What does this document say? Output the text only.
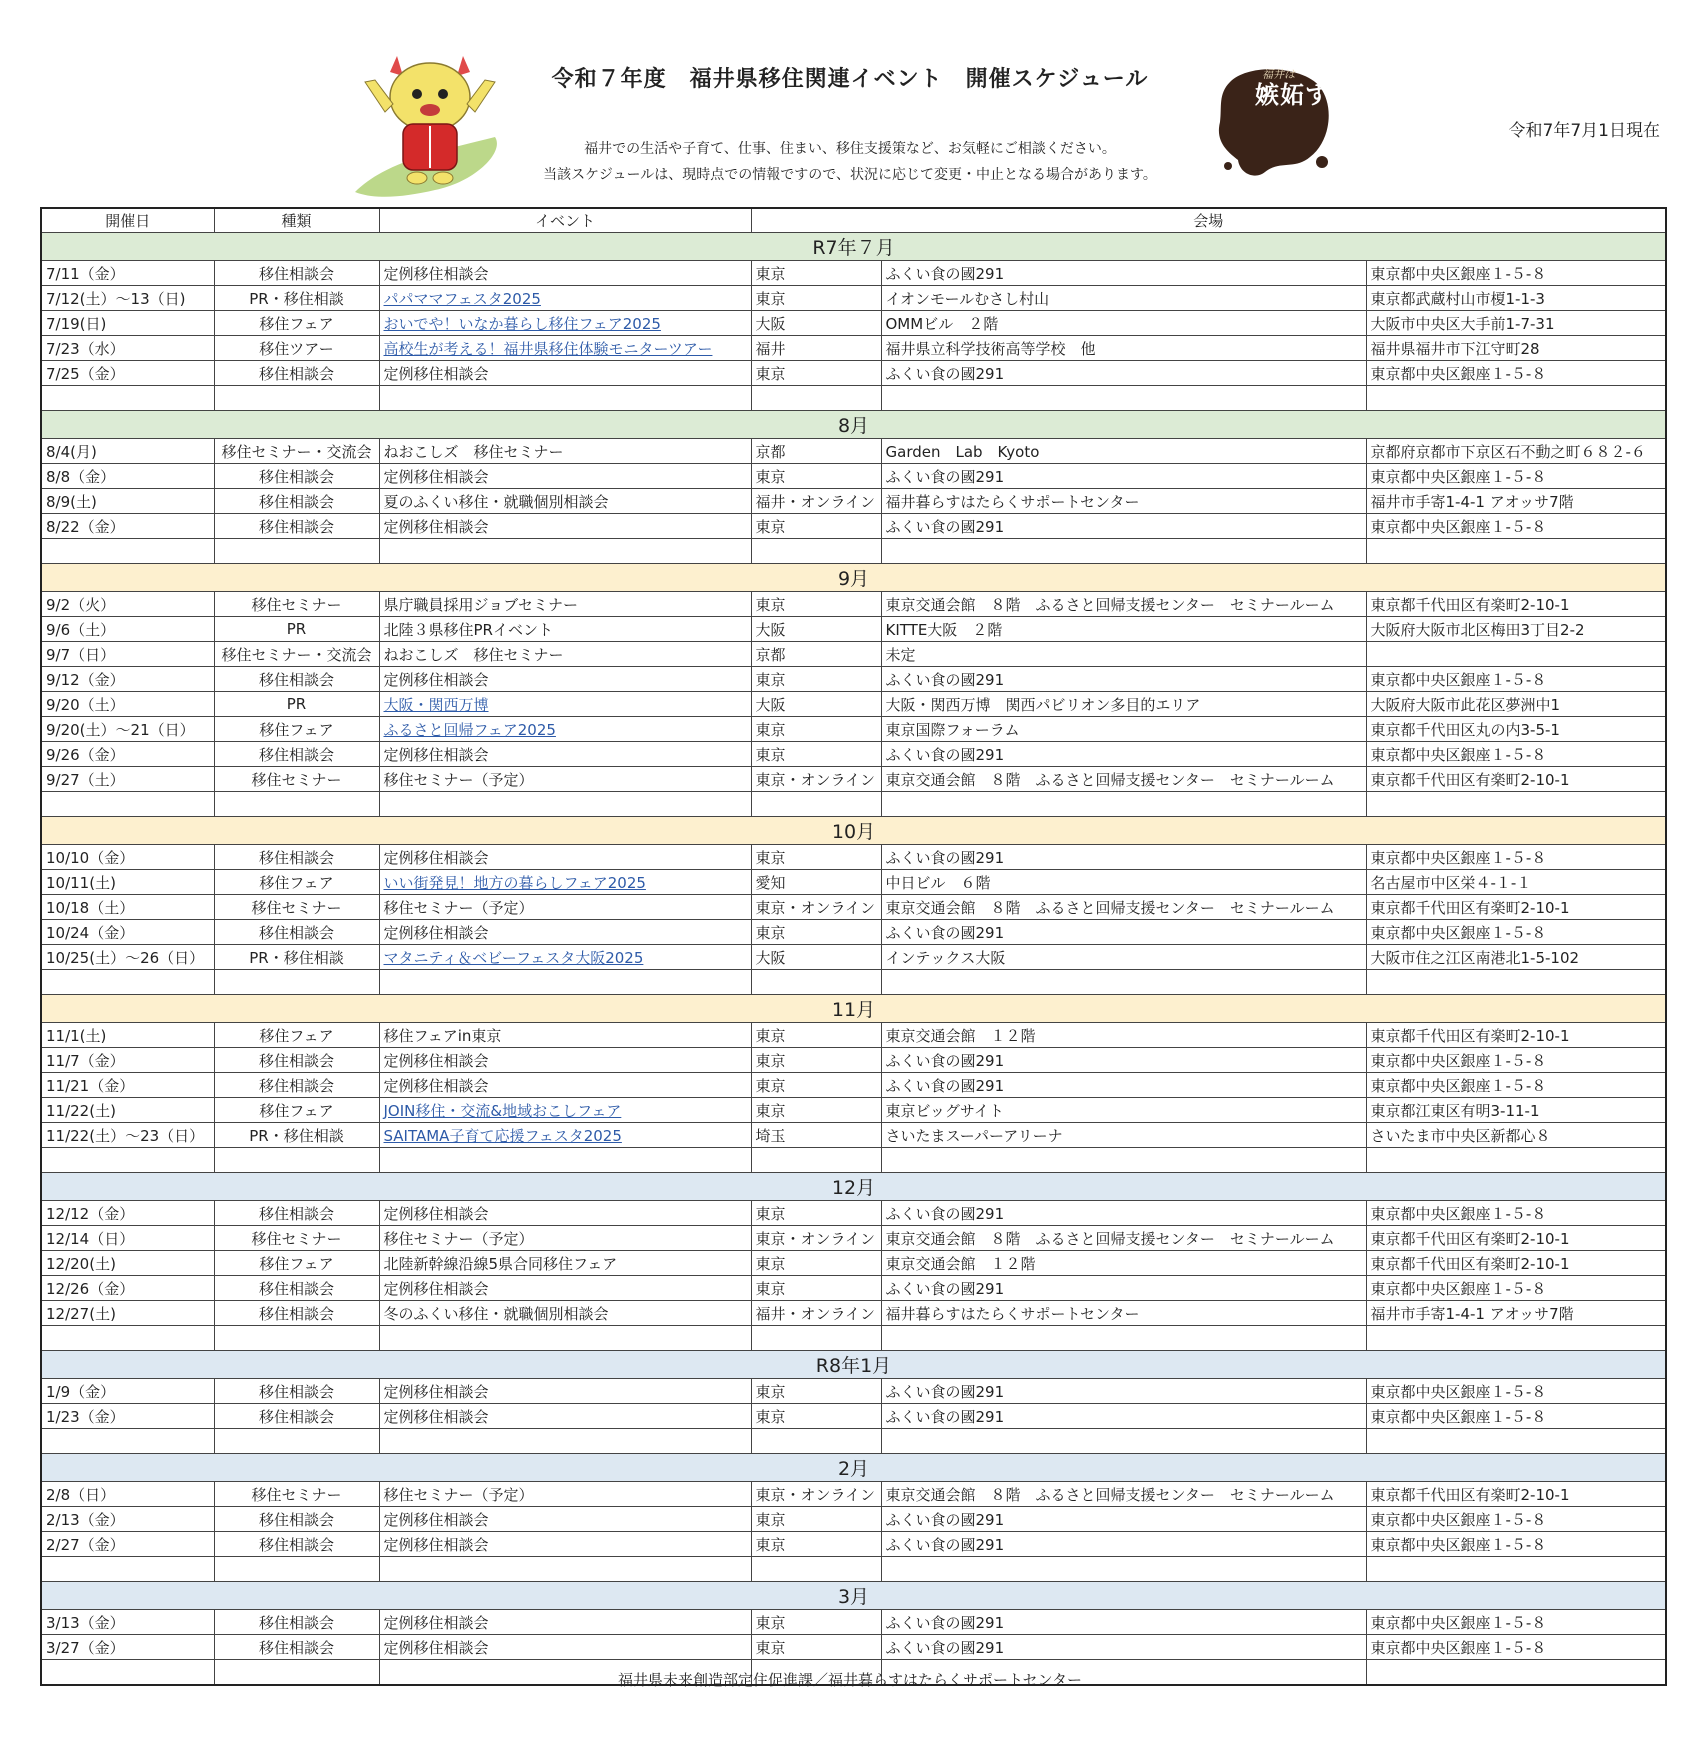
福井は
嫉妬する県
令和７年度　福井県移住関連イベント　開催スケジュール
福井での生活や子育て、仕事、住まい、移住支援策など、お気軽にご相談ください。
当該スケジュールは、現時点での情報ですので、状況に応じて変更・中止となる場合があります。
令和7年7月1日現在
開催日	種類	イベント	会場		
R7年７月					
7/11（金）	移住相談会	定例移住相談会	東京	ふくい食の國291	東京都中央区銀座１-５-８
7/12(土）～13（日)	PR・移住相談	パパママフェスタ2025	東京	イオンモールむさし村山	東京都武蔵村山市榎1-1-3
7/19(日)	移住フェア	おいでや！いなか暮らし移住フェア2025	大阪	OMMビル　２階	大阪市中央区大手前1-7-31
7/23（水）	移住ツアー	高校生が考える！福井県移住体験モニターツアー	福井	福井県立科学技術高等学校　他	福井県福井市下江守町28
7/25（金）	移住相談会	定例移住相談会	東京	ふくい食の國291	東京都中央区銀座１-５-８

8月					
8/4(月)	移住セミナー・交流会	ねおこしズ　移住セミナー	京都	Garden　Lab　Kyoto	京都府京都市下京区石不動之町６８２-６
8/8（金）	移住相談会	定例移住相談会	東京	ふくい食の國291	東京都中央区銀座１-５-８
8/9(土)	移住相談会	夏のふくい移住・就職個別相談会	福井・オンライン	福井暮らすはたらくサポートセンター	福井市手寄1-4-1 アオッサ7階
8/22（金）	移住相談会	定例移住相談会	東京	ふくい食の國291	東京都中央区銀座１-５-８

9月					
9/2（火）	移住セミナー	県庁職員採用ジョブセミナー	東京	東京交通会館　８階　ふるさと回帰支援センター　セミナールーム	東京都千代田区有楽町2-10-1
9/6（土）	PR	北陸３県移住PRイベント	大阪	KITTE大阪　２階	大阪府大阪市北区梅田3丁目2-2
9/7（日）	移住セミナー・交流会	ねおこしズ　移住セミナー	京都	未定	
9/12（金）	移住相談会	定例移住相談会	東京	ふくい食の國291	東京都中央区銀座１-５-８
9/20（土）	PR	大阪・関西万博	大阪	大阪・関西万博　関西パビリオン多目的エリア	大阪府大阪市此花区夢洲中1
9/20(土）～21（日）	移住フェア	ふるさと回帰フェア2025	東京	東京国際フォーラム	東京都千代田区丸の内3-5-1
9/26（金）	移住相談会	定例移住相談会	東京	ふくい食の國291	東京都中央区銀座１-５-８
9/27（土）	移住セミナー	移住セミナー（予定）	東京・オンライン	東京交通会館　８階　ふるさと回帰支援センター　セミナールーム	東京都千代田区有楽町2-10-1

10月					
10/10（金）	移住相談会	定例移住相談会	東京	ふくい食の國291	東京都中央区銀座１-５-８
10/11(土)	移住フェア	いい街発見！地方の暮らしフェア2025	愛知	中日ビル　６階	名古屋市中区栄４-１-１
10/18（土）	移住セミナー	移住セミナー（予定）	東京・オンライン	東京交通会館　８階　ふるさと回帰支援センター　セミナールーム	東京都千代田区有楽町2-10-1
10/24（金）	移住相談会	定例移住相談会	東京	ふくい食の國291	東京都中央区銀座１-５-８
10/25(土）～26（日）	PR・移住相談	マタニティ＆ベビーフェスタ大阪2025	大阪	インテックス大阪	大阪市住之江区南港北1-5-102

11月					
11/1(土)	移住フェア	移住フェアin東京	東京	東京交通会館　１２階	東京都千代田区有楽町2-10-1
11/7（金）	移住相談会	定例移住相談会	東京	ふくい食の國291	東京都中央区銀座１-５-８
11/21（金）	移住相談会	定例移住相談会	東京	ふくい食の國291	東京都中央区銀座１-５-８
11/22(土)	移住フェア	JOIN移住・交流&地域おこしフェア	東京	東京ビッグサイト	東京都江東区有明3-11-1
11/22(土）～23（日）	PR・移住相談	SAITAMA子育て応援フェスタ2025	埼玉	さいたまスーパーアリーナ	さいたま市中央区新都心８

12月					
12/12（金）	移住相談会	定例移住相談会	東京	ふくい食の國291	東京都中央区銀座１-５-８
12/14（日）	移住セミナー	移住セミナー（予定）	東京・オンライン	東京交通会館　８階　ふるさと回帰支援センター　セミナールーム	東京都千代田区有楽町2-10-1
12/20(土)	移住フェア	北陸新幹線沿線5県合同移住フェア	東京	東京交通会館　１２階	東京都千代田区有楽町2-10-1
12/26（金）	移住相談会	定例移住相談会	東京	ふくい食の國291	東京都中央区銀座１-５-８
12/27(土)	移住相談会	冬のふくい移住・就職個別相談会	福井・オンライン	福井暮らすはたらくサポートセンター	福井市手寄1-4-1 アオッサ7階

R8年1月					
1/9（金）	移住相談会	定例移住相談会	東京	ふくい食の國291	東京都中央区銀座１-５-８
1/23（金）	移住相談会	定例移住相談会	東京	ふくい食の國291	東京都中央区銀座１-５-８

2月					
2/8（日）	移住セミナー	移住セミナー（予定）	東京・オンライン	東京交通会館　８階　ふるさと回帰支援センター　セミナールーム	東京都千代田区有楽町2-10-1
2/13（金）	移住相談会	定例移住相談会	東京	ふくい食の國291	東京都中央区銀座１-５-８
2/27（金）	移住相談会	定例移住相談会	東京	ふくい食の國291	東京都中央区銀座１-５-８

3月					
3/13（金）	移住相談会	定例移住相談会	東京	ふくい食の國291	東京都中央区銀座１-５-８
3/27（金）	移住相談会	定例移住相談会	東京	ふくい食の國291	東京都中央区銀座１-５-８

福井県未来創造部定住促進課／福井暮らすはたらくサポートセンター
